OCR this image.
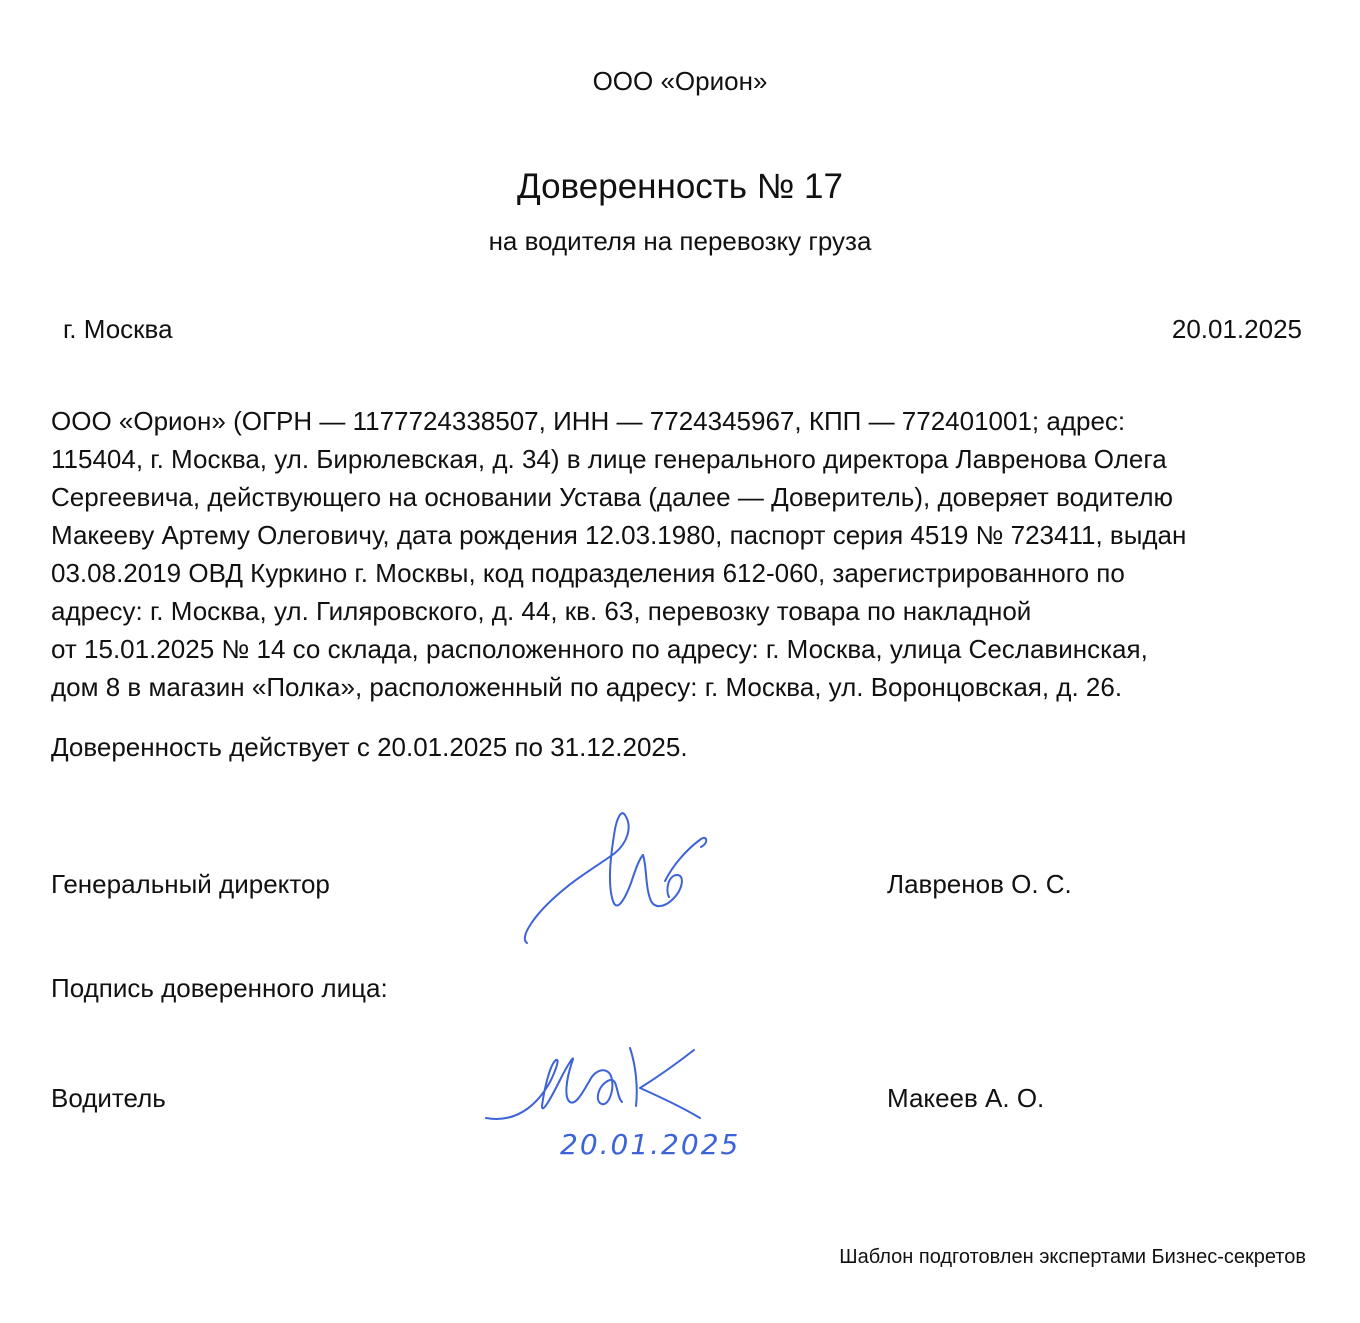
ООО «Орион»
Доверенность № 17
на водителя на перевозку груза
г. Москва	20.01.2025
ООО «Орион» (ОГРН — 1177724338507, ИНН — 7724345967, КПП — 772401001; адрес:
115404, г. Москва, ул. Бирюлевская, д. 34) в лице генерального директора Лавренова Олега
Сергеевича, действующего на основании Устава (далее — Доверитель), доверяет водителю
Макееву Артему Олеговичу, дата рождения 12.03.1980, паспорт серия 4519 № 723411, выдан
03.08.2019 ОВД Куркино г. Москвы, код подразделения 612-060, зарегистрированного по
адресу: г. Москва, ул. Гиляровского, д. 44, кв. 63, перевозку товара по накладной
от 15.01.2025 № 14 со склада, расположенного по адресу: г. Москва, улица Сеславинская,
дом 8 в магазин «Полка», расположенный по адресу: г. Москва, ул. Воронцовская, д. 26.
Доверенность действует с 20.01.2025 по 31.12.2025.
Генеральный директор	Лавренов О. С.
Подпись доверенного лица:
Водитель
20.01.2025
Макеев А. О.
Шаблон подготовлен экспертами Бизнес-секретов
